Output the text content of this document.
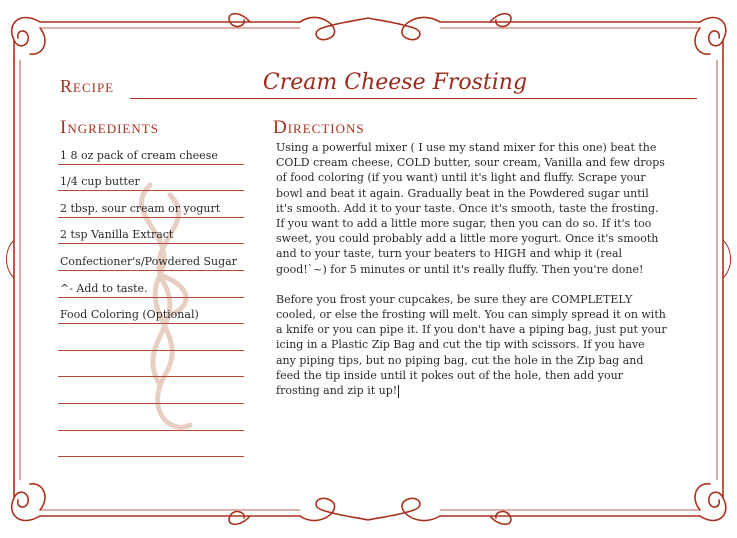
Recipe	Cream Cheese Frosting
Ingredients	Directions
1 8 oz pack of cream cheese
1/4 cup butter
2 tbsp. sour cream or yogurt
2 tsp Vanilla Extract
Confectioner's/Powdered Sugar
^- Add to taste.
Food Coloring (Optional)

Using a powerful mixer ( I use my stand mixer for this one) beat the COLD cream cheese, COLD butter, sour cream, Vanilla and few drops of food coloring (if you want) until it's light and fluffy. Scrape your bowl and beat it again. Gradually beat in the Powdered sugar until it's smooth. Add it to your taste. Once it's smooth, taste the frosting. If you want to add a little more sugar, then you can do so. If it's too sweet, you could probably add a little more yogurt. Once it's smooth and to your taste, turn your beaters to HIGH and whip it (real good!`~) for 5 minutes or until it's really fluffy. Then you're done!

Before you frost your cupcakes, be sure they are COMPLETELY cooled, or else the frosting will melt. You can simply spread it on with a knife or you can pipe it. If you don't have a piping bag, just put your icing in a Plastic Zip Bag and cut the tip with scissors. If you have any piping tips, but no piping bag, cut the hole in the Zip bag and feed the tip inside until it pokes out of the hole, then add your frosting and zip it up!
